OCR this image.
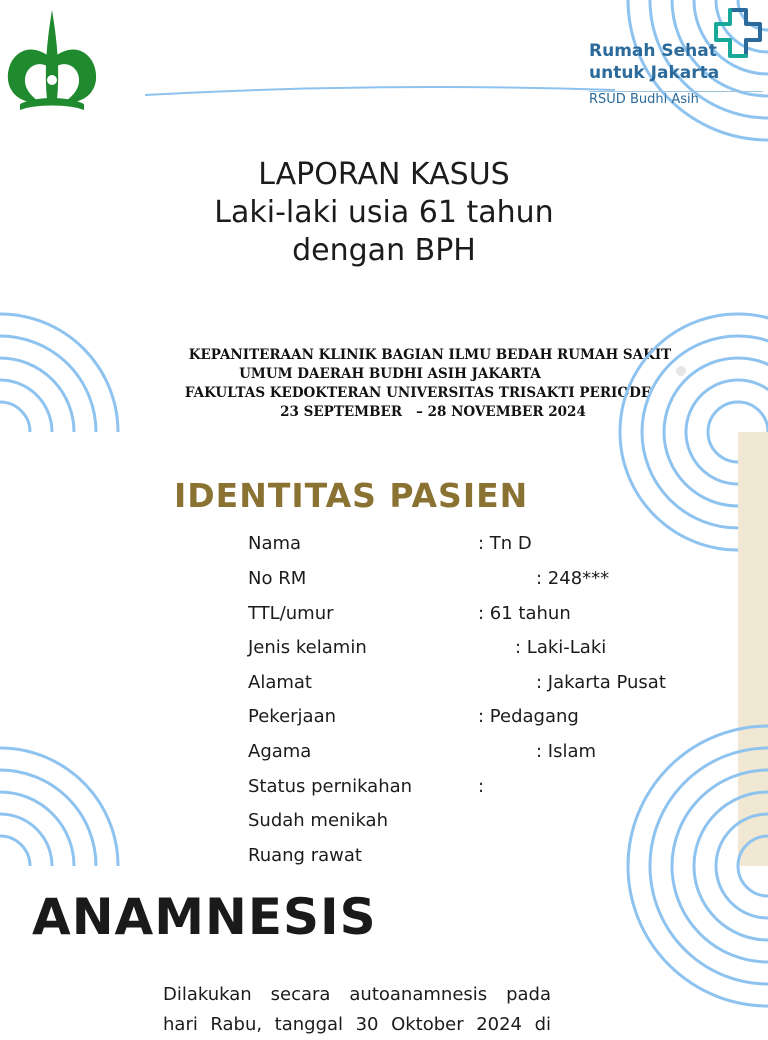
Rumah Sehat
untuk Jakarta
RSUD Budhi Asih
LAPORAN KASUS
Laki-laki usia 61 tahun
dengan BPH
KEPANITERAAN KLINIK BAGIAN ILMU BEDAH RUMAH SAKIT
UMUM DAERAH BUDHI ASIH JAKARTA
FAKULTAS KEDOKTERAN UNIVERSITAS TRISAKTI PERIODE
23 SEPTEMBER   – 28 NOVEMBER 2024
IDENTITAS PASIEN
Nama	: Tn D
No RM	: 248***
TTL/umur	: 61 tahun
Jenis kelamin	: Laki-Laki
Alamat	: Jakarta Pusat
Pekerjaan	: Pedagang
Agama	: Islam
Status pernikahan	:
Sudah menikah
Ruang rawat
ANAMNESIS
Dilakukan secara autoanamnesis pada hari Rabu, tanggal 30 Oktober 2024 di
